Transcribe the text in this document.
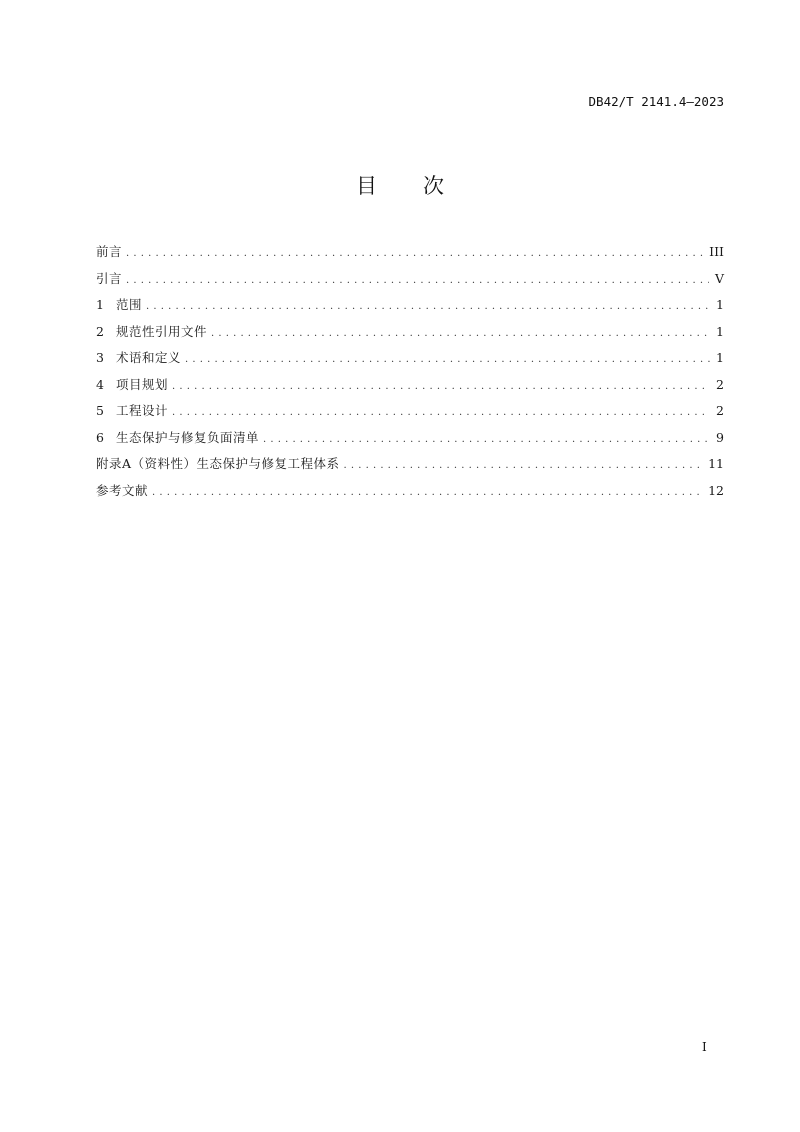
DB42/T 2141.4—2023
目 次
前言 . . .	III
引言 . . .	V
1 范围 . . .	1
2 规范性引用文件 . . .	1
3 术语和定义 . . .	1
4 项目规划 . . .	2
5 工程设计 . . .	2
6 生态保护与修复负面清单 . . .	9
附录A（资料性）生态保护与修复工程体系 . . .	11
参考文献 . . .	12
I
